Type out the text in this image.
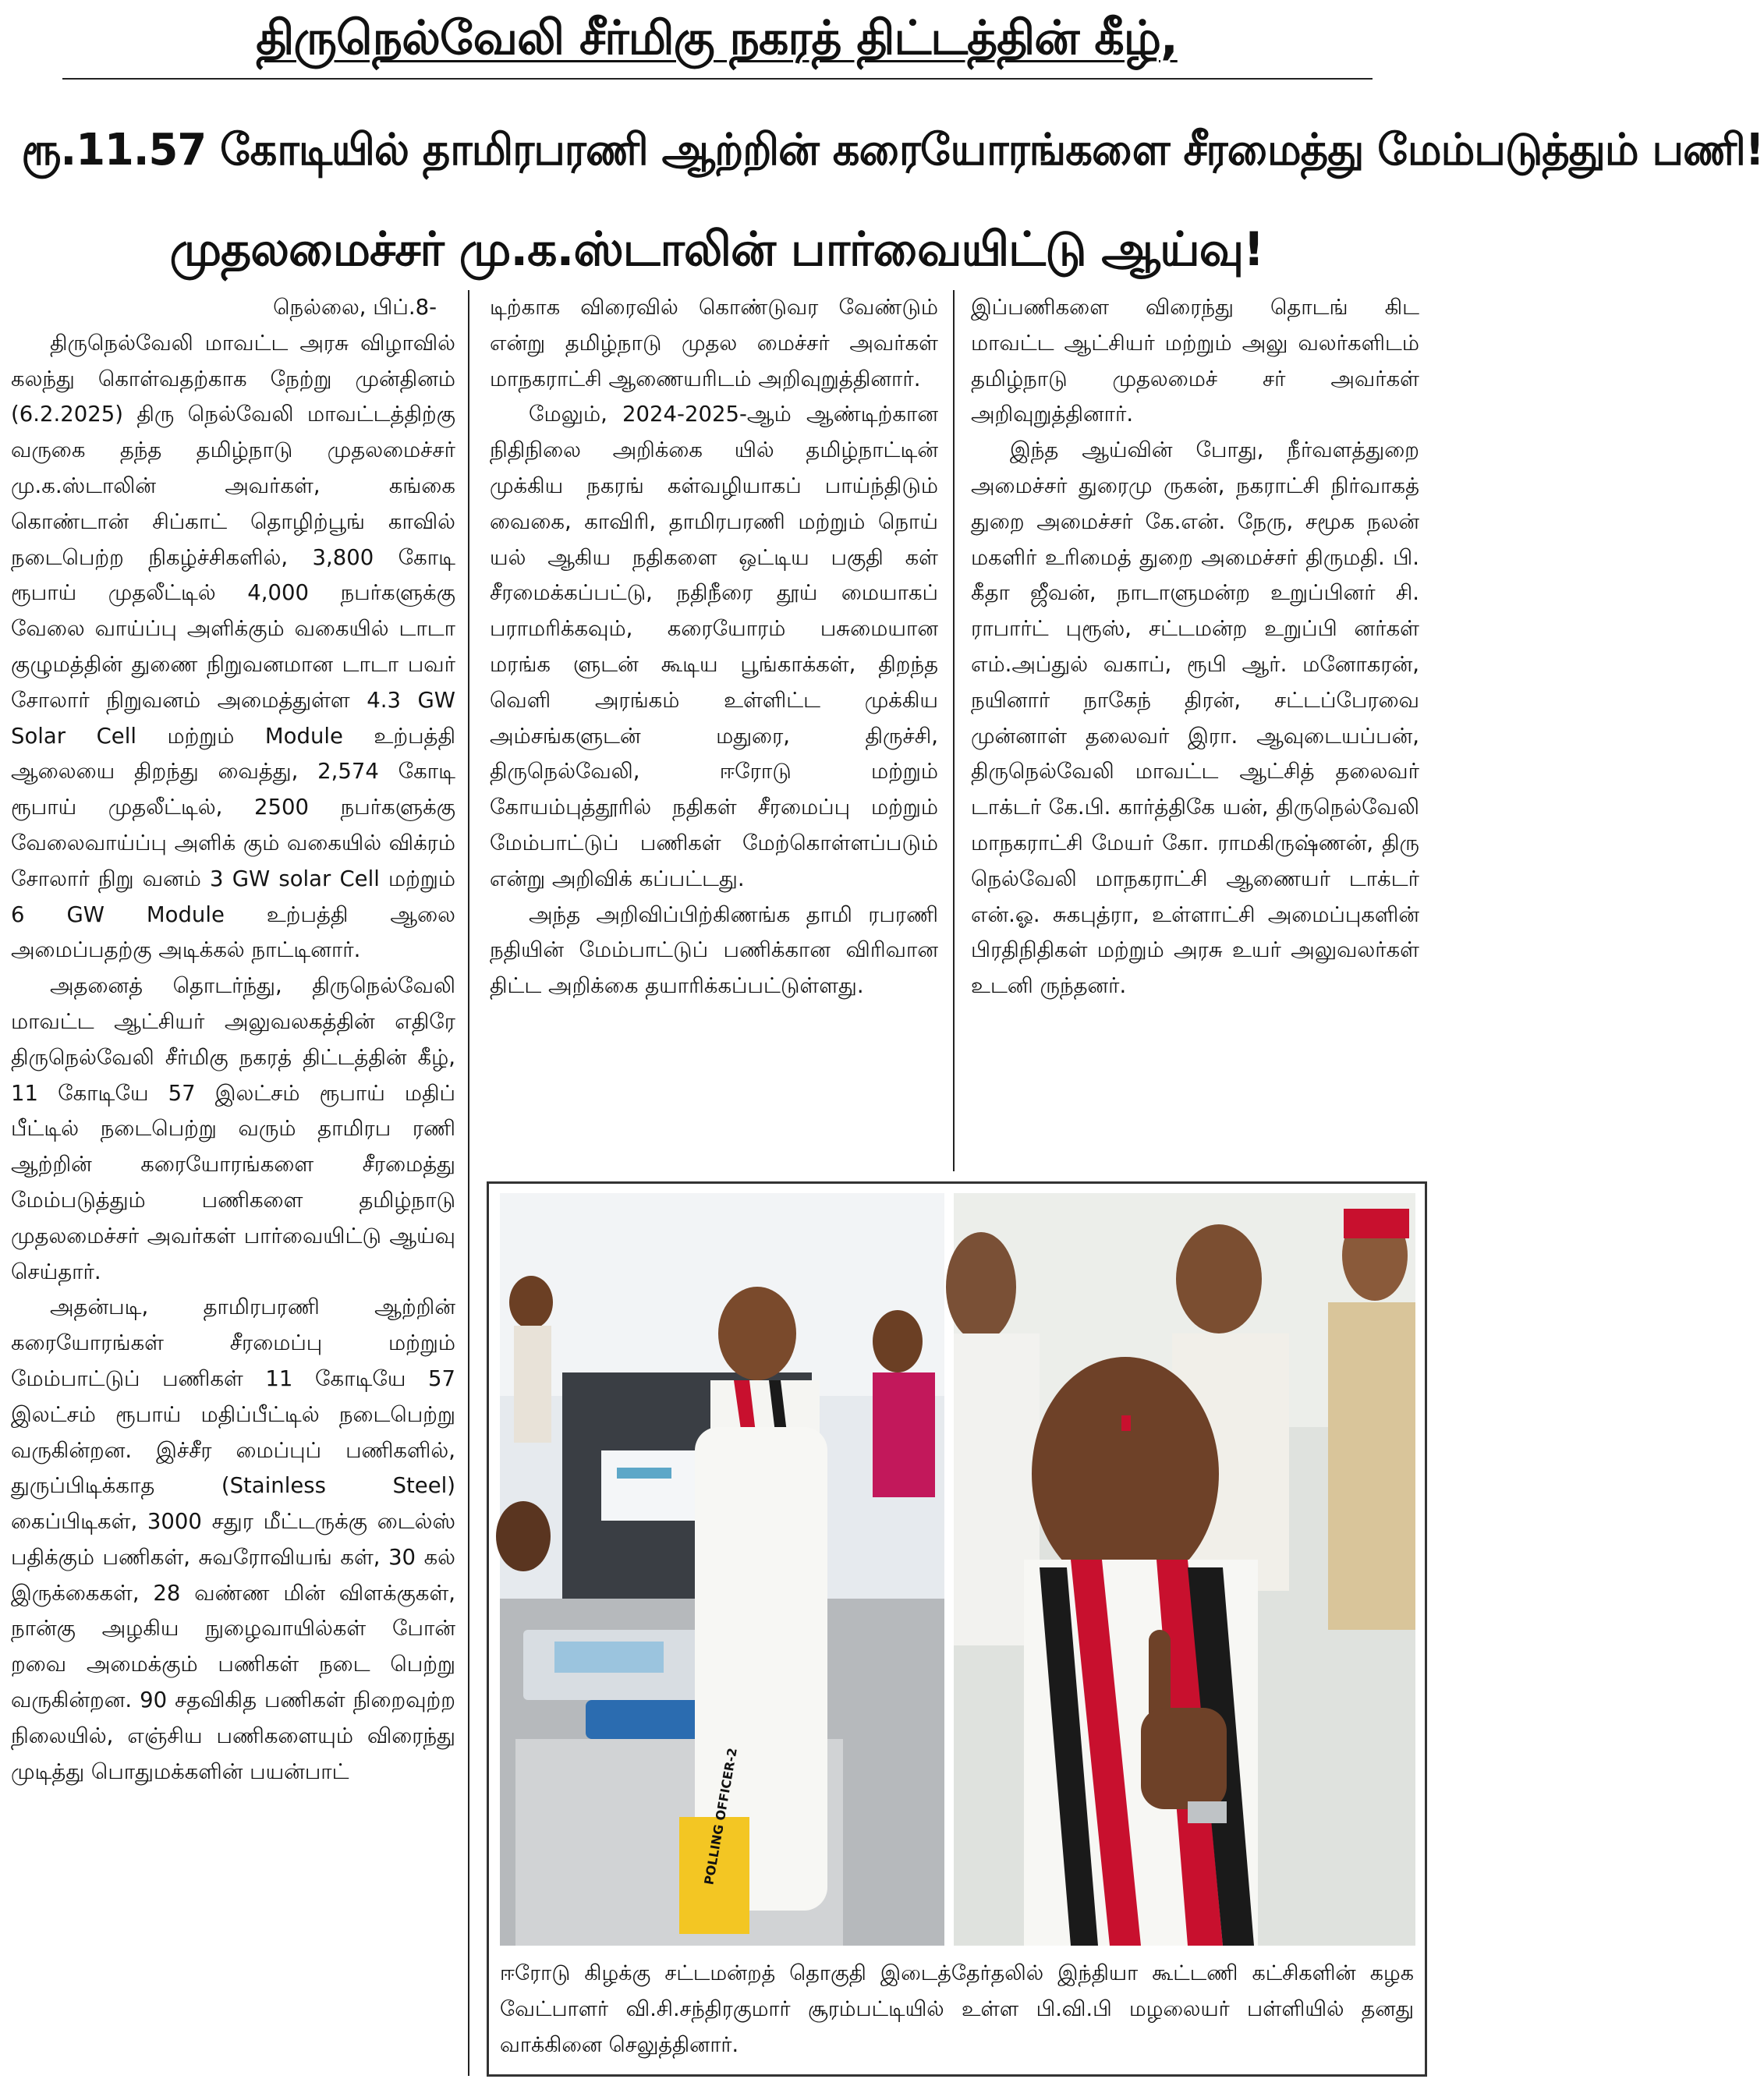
திருநெல்வேலி சீர்மிகு நகரத் திட்டத்தின் கீழ்,
ரூ.11.57 கோடியில் தாமிரபரணி ஆற்றின் கரையோரங்களை சீரமைத்து மேம்படுத்தும் பணி!
முதலமைச்சர் மு.க.ஸ்டாலின் பார்வையிட்டு ஆய்வு!

நெல்லை, பிப்.8-

திருநெல்வேலி மாவட்ட அரசு விழாவில் கலந்து கொள்வதற்காக நேற்று முன்தினம் (6.2.2025) திரு நெல்வேலி மாவட்டத்திற்கு வருகை தந்த தமிழ்நாடு முதலமைச்சர் மு.க.ஸ்டாலின் அவர்கள், கங்கை கொண்டான் சிப்காட் தொழிற்பூங் காவில் நடைபெற்ற நிகழ்ச்சிகளில், 3,800 கோடி ரூபாய் முதலீட்டில் 4,000 நபர்களுக்கு வேலை வாய்ப்பு அளிக்கும் வகையில் டாடா குழுமத்தின் துணை நிறுவனமான டாடா பவர் சோலார் நிறுவனம் அமைத்துள்ள 4.3 GW Solar Cell மற்றும் Module உற்பத்தி ஆலையை திறந்து வைத்து, 2,574 கோடி ரூபாய் முதலீட்டில், 2500 நபர்களுக்கு வேலைவாய்ப்பு அளிக் கும் வகையில் விக்ரம் சோலார் நிறு வனம் 3 GW solar Cell மற்றும் 6 GW Module உற்பத்தி ஆலை அமைப்பதற்கு அடிக்கல் நாட்டினார்.

அதனைத் தொடர்ந்து, திருநெல்வேலி மாவட்ட ஆட்சியர் அலுவலகத்தின் எதிரே திருநெல்வேலி சீர்மிகு நகரத் திட்டத்தின் கீழ், 11 கோடியே 57 இலட்சம் ரூபாய் மதிப் பீட்டில் நடைபெற்று வரும் தாமிரப ரணி ஆற்றின் கரையோரங்களை சீரமைத்து மேம்படுத்தும் பணிகளை தமிழ்நாடு முதலமைச்சர் அவர்கள் பார்வையிட்டு ஆய்வு செய்தார்.

அதன்படி, தாமிரபரணி ஆற்றின் கரையோரங்கள் சீரமைப்பு மற்றும் மேம்பாட்டுப் பணிகள் 11 கோடியே 57 இலட்சம் ரூபாய் மதிப்பீட்டில் நடைபெற்று வருகின்றன. இச்சீர மைப்புப் பணிகளில், துருப்பிடிக்காத (Stainless Steel) கைப்பிடிகள், 3000 சதுர மீட்டருக்கு டைல்ஸ் பதிக்கும் பணிகள், சுவரோவியங் கள், 30 கல் இருக்கைகள், 28 வண்ண மின் விளக்குகள், நான்கு அழகிய நுழைவாயில்கள் போன் றவை அமைக்கும் பணிகள் நடை பெற்று வருகின்றன. 90 சதவிகித பணிகள் நிறைவுற்ற நிலையில், எஞ்சிய பணிகளையும் விரைந்து முடித்து பொதுமக்களின் பயன்பாட்

டிற்காக விரைவில் கொண்டுவர வேண்டும் என்று தமிழ்நாடு முதல மைச்சர் அவர்கள் மாநகராட்சி ஆணையரிடம் அறிவுறுத்தினார்.

மேலும், 2024-2025-ஆம் ஆண்டிற்கான நிதிநிலை அறிக்கை யில் தமிழ்நாட்டின் முக்கிய நகரங் கள்வழியாகப் பாய்ந்திடும் வைகை, காவிரி, தாமிரபரணி மற்றும் நொய் யல் ஆகிய நதிகளை ஒட்டிய பகுதி கள் சீரமைக்கப்பட்டு, நதிநீரை தூய் மையாகப் பராமரிக்கவும், கரையோரம் பசுமையான மரங்க ளுடன் கூடிய பூங்காக்கள், திறந்த வெளி அரங்கம் உள்ளிட்ட முக்கிய அம்சங்களுடன் மதுரை, திருச்சி, திருநெல்வேலி, ஈரோடு மற்றும் கோயம்புத்தூரில் நதிகள் சீரமைப்பு மற்றும் மேம்பாட்டுப் பணிகள் மேற்கொள்ளப்படும் என்று அறிவிக் கப்பட்டது.

அந்த அறிவிப்பிற்கிணங்க தாமி ரபரணி நதியின் மேம்பாட்டுப் பணிக்கான விரிவான திட்ட அறிக்கை தயாரிக்கப்பட்டுள்ளது.

இப்பணிகளை விரைந்து தொடங் கிட மாவட்ட ஆட்சியர் மற்றும் அலு வலர்களிடம் தமிழ்நாடு முதலமைச் சர் அவர்கள் அறிவுறுத்தினார்.

இந்த ஆய்வின் போது, நீர்வளத்துறை அமைச்சர் துரைமு ருகன், நகராட்சி நிர்வாகத் துறை அமைச்சர் கே.என். நேரு, சமூக நலன் மகளிர் உரிமைத் துறை அமைச்சர் திருமதி. பி. கீதா ஜீவன், நாடாளுமன்ற உறுப்பினர் சி. ராபார்ட் புரூஸ், சட்டமன்ற உறுப்பி னர்கள் எம்.அப்துல் வகாப், ரூபி ஆர். மனோகரன், நயினார் நாகேந் திரன், சட்டப்பேரவை முன்னாள் தலைவர் இரா. ஆவுடையப்பன், திருநெல்வேலி மாவட்ட ஆட்சித் தலைவர் டாக்டர் கே.பி. கார்த்திகே யன், திருநெல்வேலி மாநகராட்சி மேயர் கோ. ராமகிருஷ்ணன், திரு நெல்வேலி மாநகராட்சி ஆணையர் டாக்டர் என்.ஓ. சுகபுத்ரா, உள்ளாட்சி அமைப்புகளின் பிரதிநிதிகள் மற்றும் அரசு உயர் அலுவலர்கள் உடனி ருந்தனர்.

POLLING OFFICER-2
ஈரோடு கிழக்கு சட்டமன்றத் தொகுதி இடைத்தேர்தலில் இந்தியா கூட்டணி கட்சிகளின் கழக வேட்பாளர் வி.சி.சந்திரகுமார் சூரம்பட்டியில் உள்ள பி.வி.பி மழலையர் பள்ளியில் தனது வாக்கினை செலுத்தினார்.
